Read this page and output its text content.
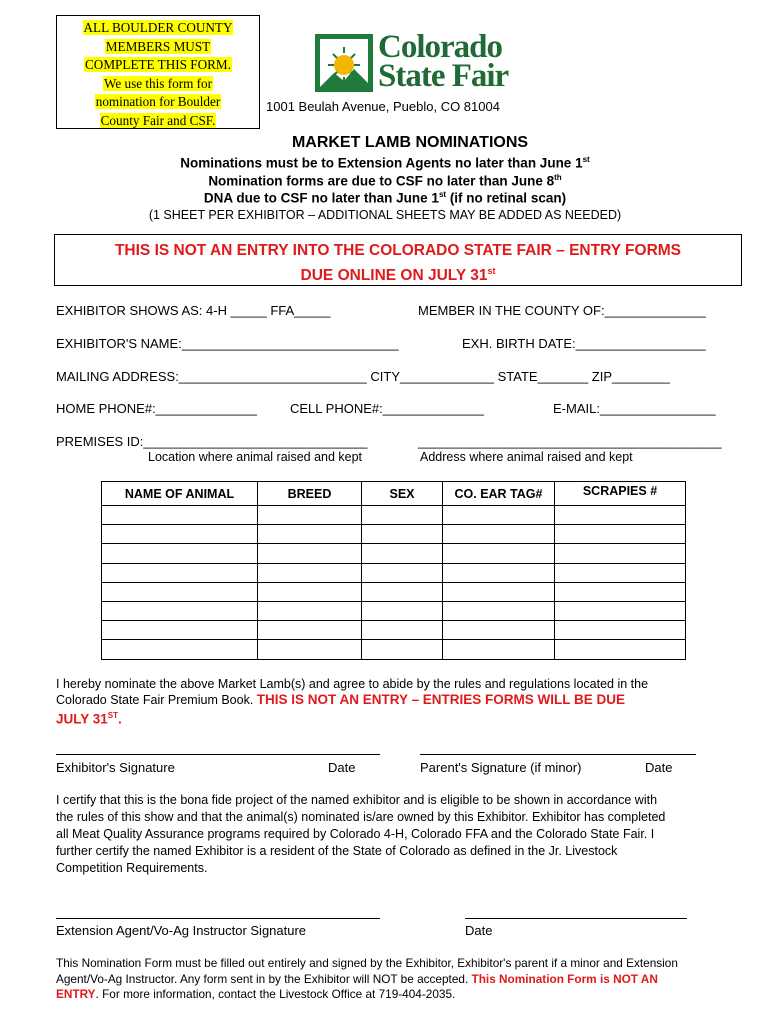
ALL BOULDER COUNTY
MEMBERS MUST
COMPLETE THIS FORM.
We use this form for
nomination for Boulder
County Fair and CSF.
Colorado
State Fair
1001 Beulah Avenue, Pueblo, CO 81004
MARKET LAMB NOMINATIONS
Nominations must be to Extension Agents no later than June 1st
Nomination forms are due to CSF no later than June 8th
DNA due to CSF no later than June 1st (if no retinal scan)
(1 SHEET PER EXHIBITOR – ADDITIONAL SHEETS MAY BE ADDED AS NEEDED)
THIS IS NOT AN ENTRY INTO THE COLORADO STATE FAIR – ENTRY FORMS
DUE ONLINE ON JULY 31st
EXHIBITOR SHOWS AS: 4-H _____ FFA_____	MEMBER IN THE COUNTY OF:______________
EXHIBITOR'S NAME:______________________________	EXH. BIRTH DATE:__________________
MAILING ADDRESS:__________________________ CITY_____________ STATE_______ ZIP________
HOME PHONE#:______________	CELL PHONE#:______________	E-MAIL:________________
PREMISES ID:_______________________________	__________________________________________
Location where animal raised and kept	Address where animal raised and kept
NAME OF ANIMAL	BREED	SEX	CO. EAR TAG#	SCRAPIES #

I hereby nominate the above Market Lamb(s) and agree to abide by the rules and regulations located in the
Colorado State Fair Premium Book. THIS IS NOT AN ENTRY – ENTRIES FORMS WILL BE DUE
JULY 31ST.
Exhibitor's Signature	Date	Parent's Signature (if minor)	Date
I certify that this is the bona fide project of the named exhibitor and is eligible to be shown in accordance with
the rules of this show and that the animal(s) nominated is/are owned by this Exhibitor. Exhibitor has completed
all Meat Quality Assurance programs required by Colorado 4-H, Colorado FFA and the Colorado State Fair. I
further certify the named Exhibitor is a resident of the State of Colorado as defined in the Jr. Livestock
Competition Requirements.
Extension Agent/Vo-Ag Instructor Signature	Date
This Nomination Form must be filled out entirely and signed by the Exhibitor, Exhibitor's parent if a minor and Extension
Agent/Vo-Ag Instructor. Any form sent in by the Exhibitor will NOT be accepted. This Nomination Form is NOT AN
ENTRY. For more information, contact the Livestock Office at 719-404-2035.
